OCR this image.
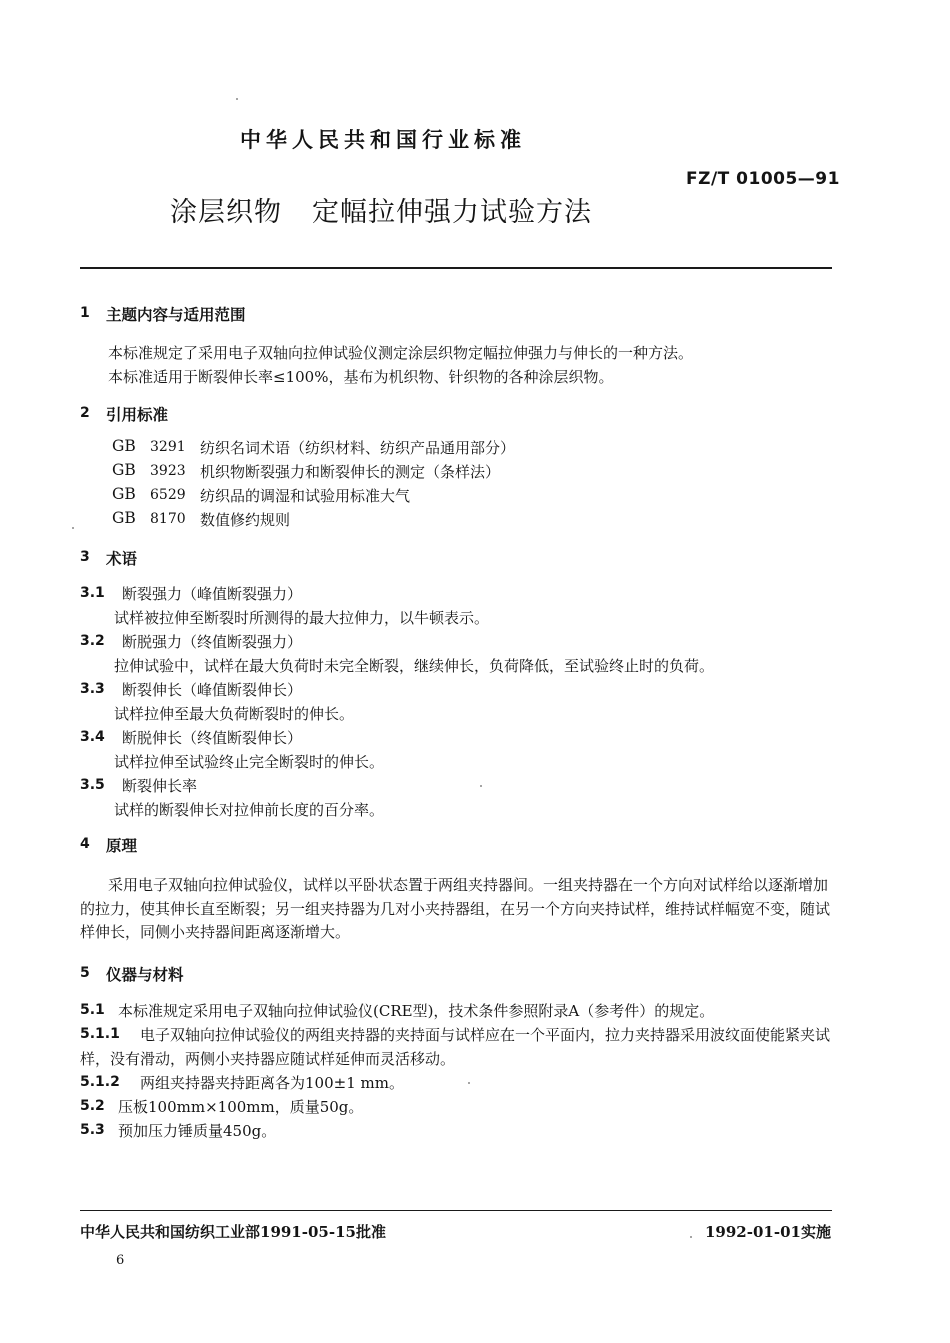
中华人民共和国行业标准
FZ/T 01005—91
涂层织物 定幅拉伸强力试验方法
1 主题内容与适用范围
本标准规定了采用电子双轴向拉伸试验仪测定涂层织物定幅拉伸强力与伸长的一种方法。
本标准适用于断裂伸长率≤100%，基布为机织物、针织物的各种涂层织物。
2 引用标准
GB 3291 纺织名词术语（纺织材料、纺织产品通用部分）
GB 3923 机织物断裂强力和断裂伸长的测定（条样法）
GB 6529 纺织品的调湿和试验用标准大气
GB 8170 数值修约规则
3 术语
3.1 断裂强力（峰值断裂强力）
试样被拉伸至断裂时所测得的最大拉伸力，以牛顿表示。
3.2 断脱强力（终值断裂强力）
拉伸试验中，试样在最大负荷时未完全断裂，继续伸长，负荷降低，至试验终止时的负荷。
3.3 断裂伸长（峰值断裂伸长）
试样拉伸至最大负荷断裂时的伸长。
3.4 断脱伸长（终值断裂伸长）
试样拉伸至试验终止完全断裂时的伸长。
3.5 断裂伸长率
试样的断裂伸长对拉伸前长度的百分率。
4 原理
采用电子双轴向拉伸试验仪，试样以平卧状态置于两组夹持器间。一组夹持器在一个方向对试样给以逐渐增加的拉力，使其伸长直至断裂；另一组夹持器为几对小夹持器组，在另一个方向夹持试样，维持试样幅宽不变，随试样伸长，同侧小夹持器间距离逐渐增大。
5 仪器与材料
5.1 本标准规定采用电子双轴向拉伸试验仪(CRE型)，技术条件参照附录A（参考件）的规定。
5.1.1	电子双轴向拉伸试验仪的两组夹持器的夹持面与试样应在一个平面内，拉力夹持器采用波纹面使能紧夹试样，没有滑动，两侧小夹持器应随试样延伸而灵活移动。
5.1.2 两组夹持器夹持距离各为100±1 mm。
5.2 压板100mm×100mm，质量50g。
5.3 预加压力锤质量450g。
中华人民共和国纺织工业部1991-05-15批准	1992-01-01实施
6
